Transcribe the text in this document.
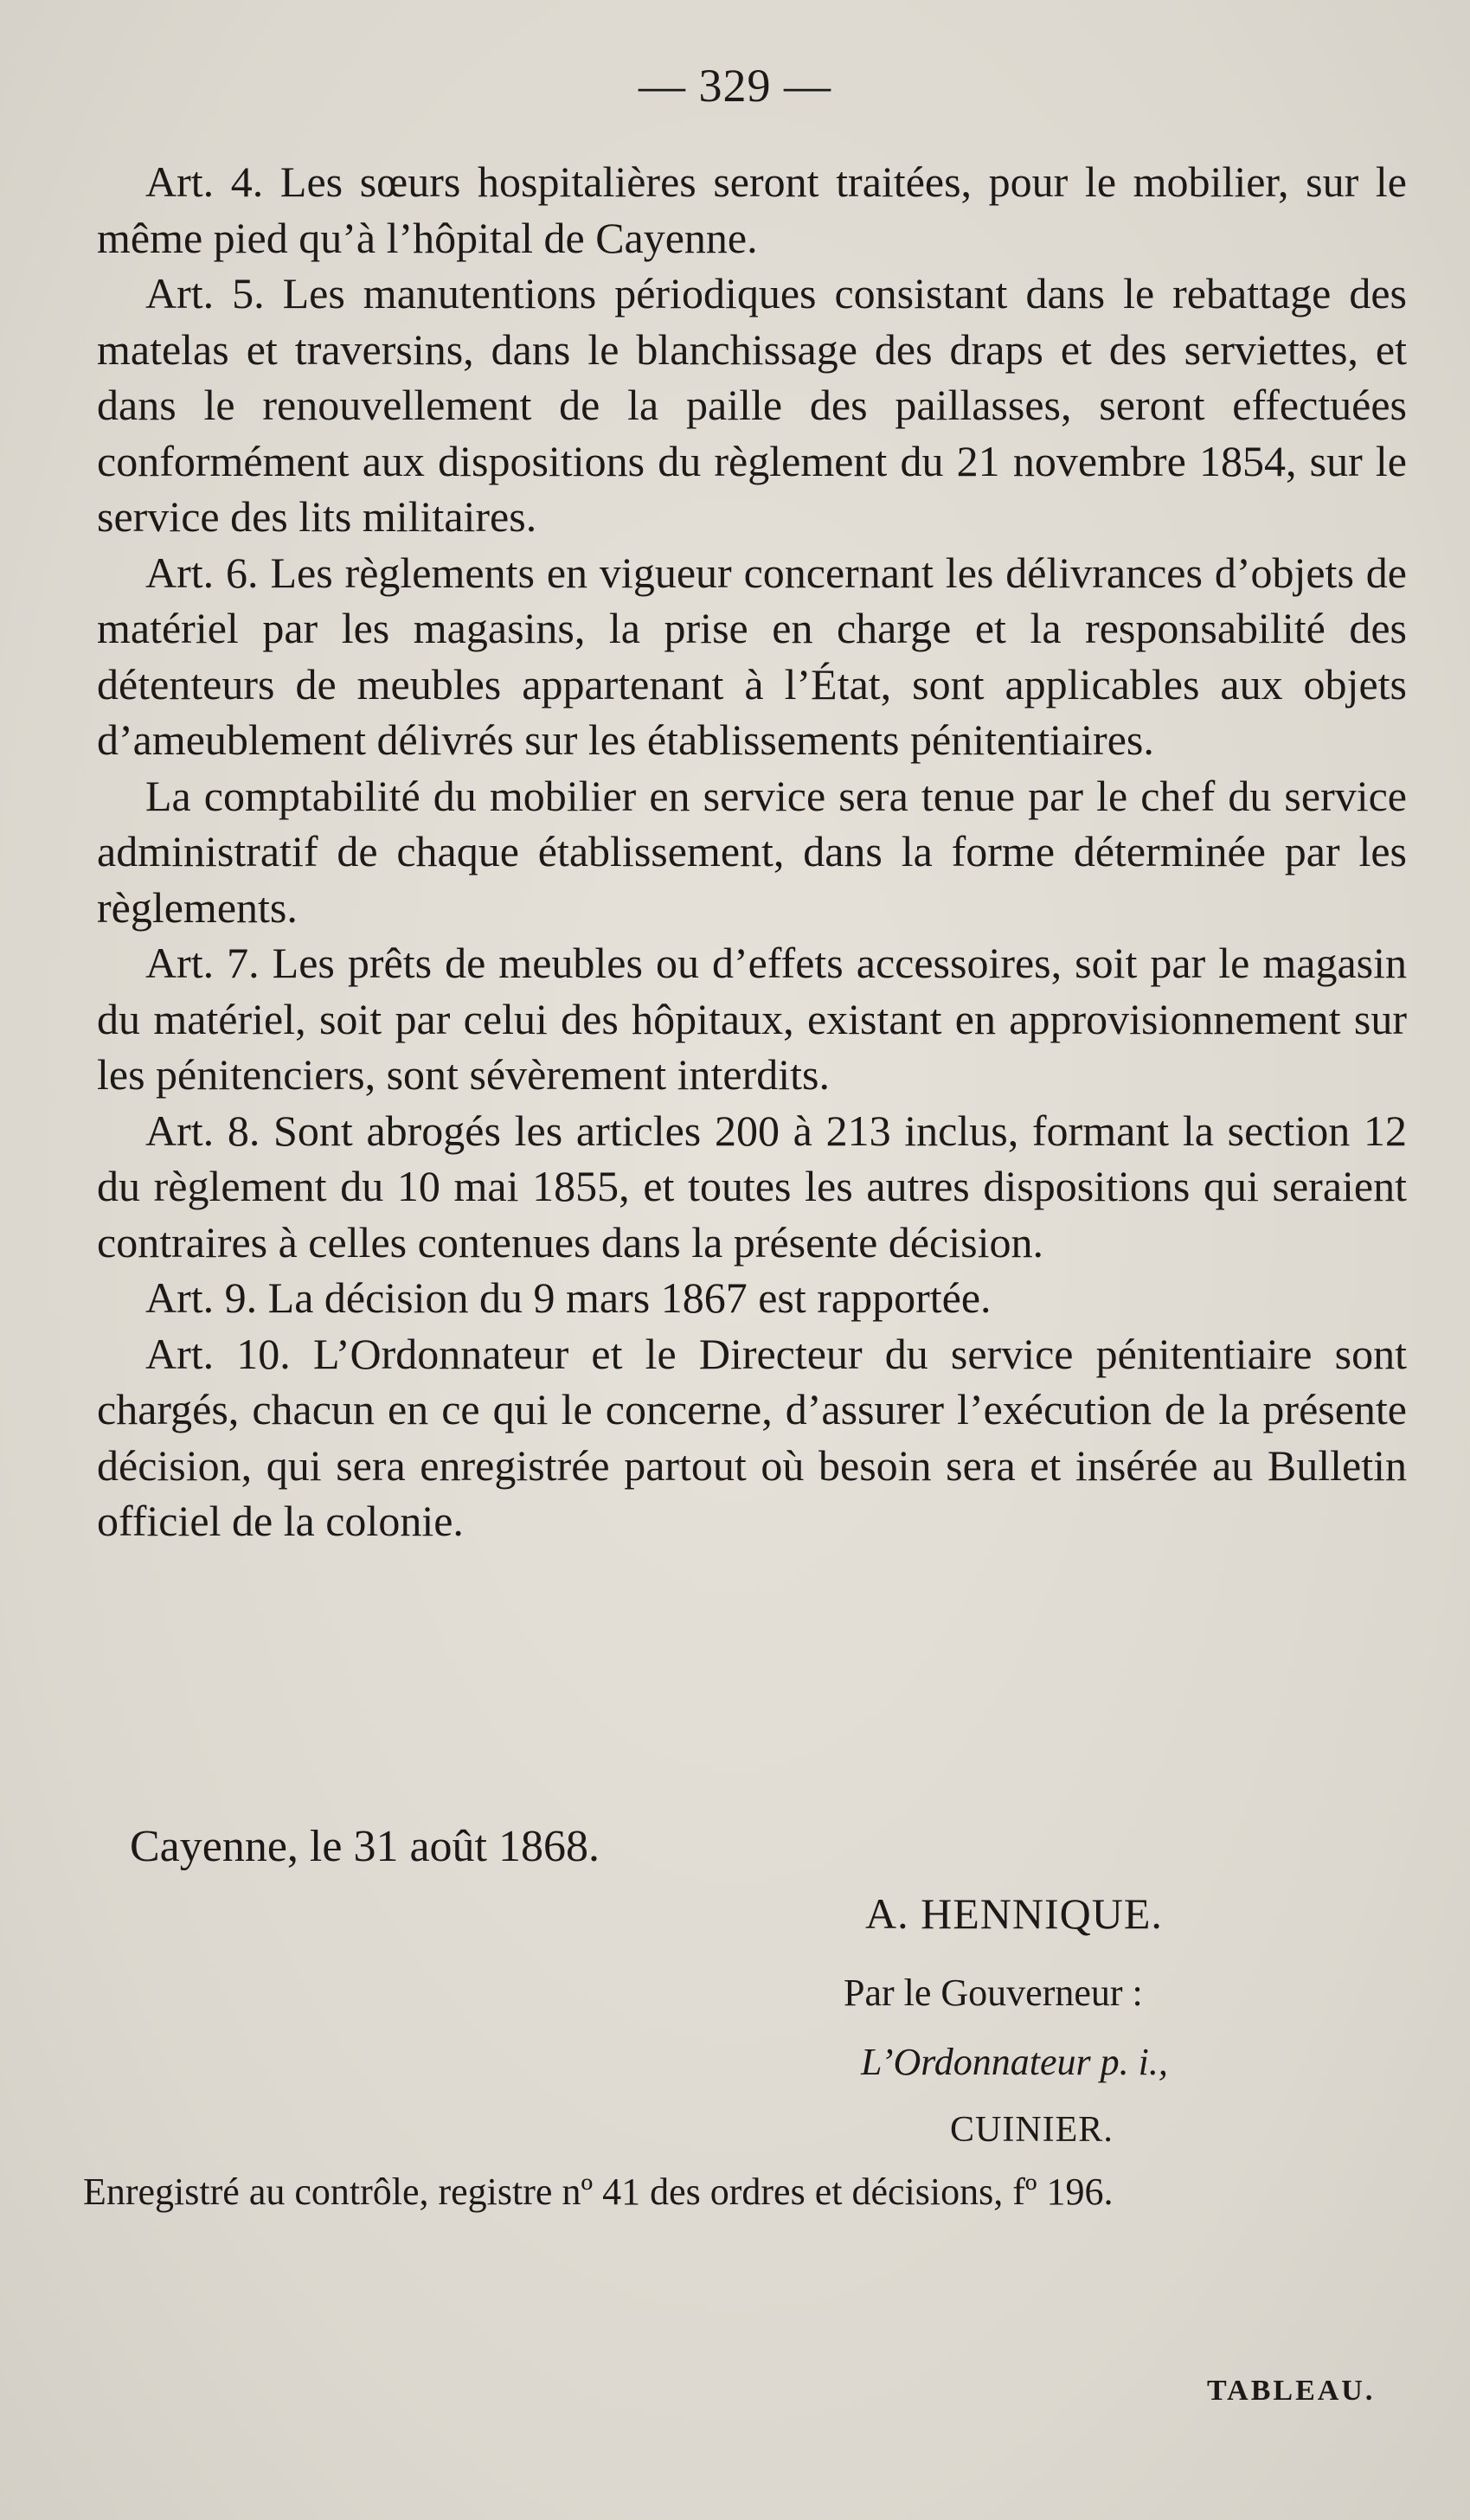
— 329 —

Art. 4. Les sœurs hospitalières seront traitées, pour le mobilier, sur le même pied qu’à l’hôpital de Cayenne.

Art. 5. Les manutentions périodiques consistant dans le rebattage des matelas et traversins, dans le blanchissage des draps et des serviettes, et dans le renouvellement de la paille des paillasses, seront effectuées conformément aux dispositions du règlement du 21 novembre 1854, sur le service des lits militaires.

Art. 6. Les règlements en vigueur concernant les délivrances d’objets de matériel par les magasins, la prise en charge et la responsabilité des détenteurs de meubles appartenant à l’État, sont applicables aux objets d’ameublement délivrés sur les établissements pénitentiaires.

La comptabilité du mobilier en service sera tenue par le chef du service administratif de chaque établissement, dans la forme déterminée par les règlements.

Art. 7. Les prêts de meubles ou d’effets accessoires, soit par le magasin du matériel, soit par celui des hôpitaux, existant en approvisionnement sur les pénitenciers, sont sévèrement interdits.

Art. 8. Sont abrogés les articles 200 à 213 inclus, formant la section 12 du règlement du 10 mai 1855, et toutes les autres dispositions qui seraient contraires à celles contenues dans la présente décision.

Art. 9. La décision du 9 mars 1867 est rapportée.

Art. 10. L’Ordonnateur et le Directeur du service pénitentiaire sont chargés, chacun en ce qui le concerne, d’assurer l’exécution de la présente décision, qui sera enregistrée partout où besoin sera et insérée au Bulletin officiel de la colonie.

Cayenne, le 31 août 1868.
A. HENNIQUE.
Par le Gouverneur :
L’Ordonnateur p. i.,
CUINIER.
Enregistré au contrôle, registre nº 41 des ordres et décisions, fº 196.
TABLEAU.
